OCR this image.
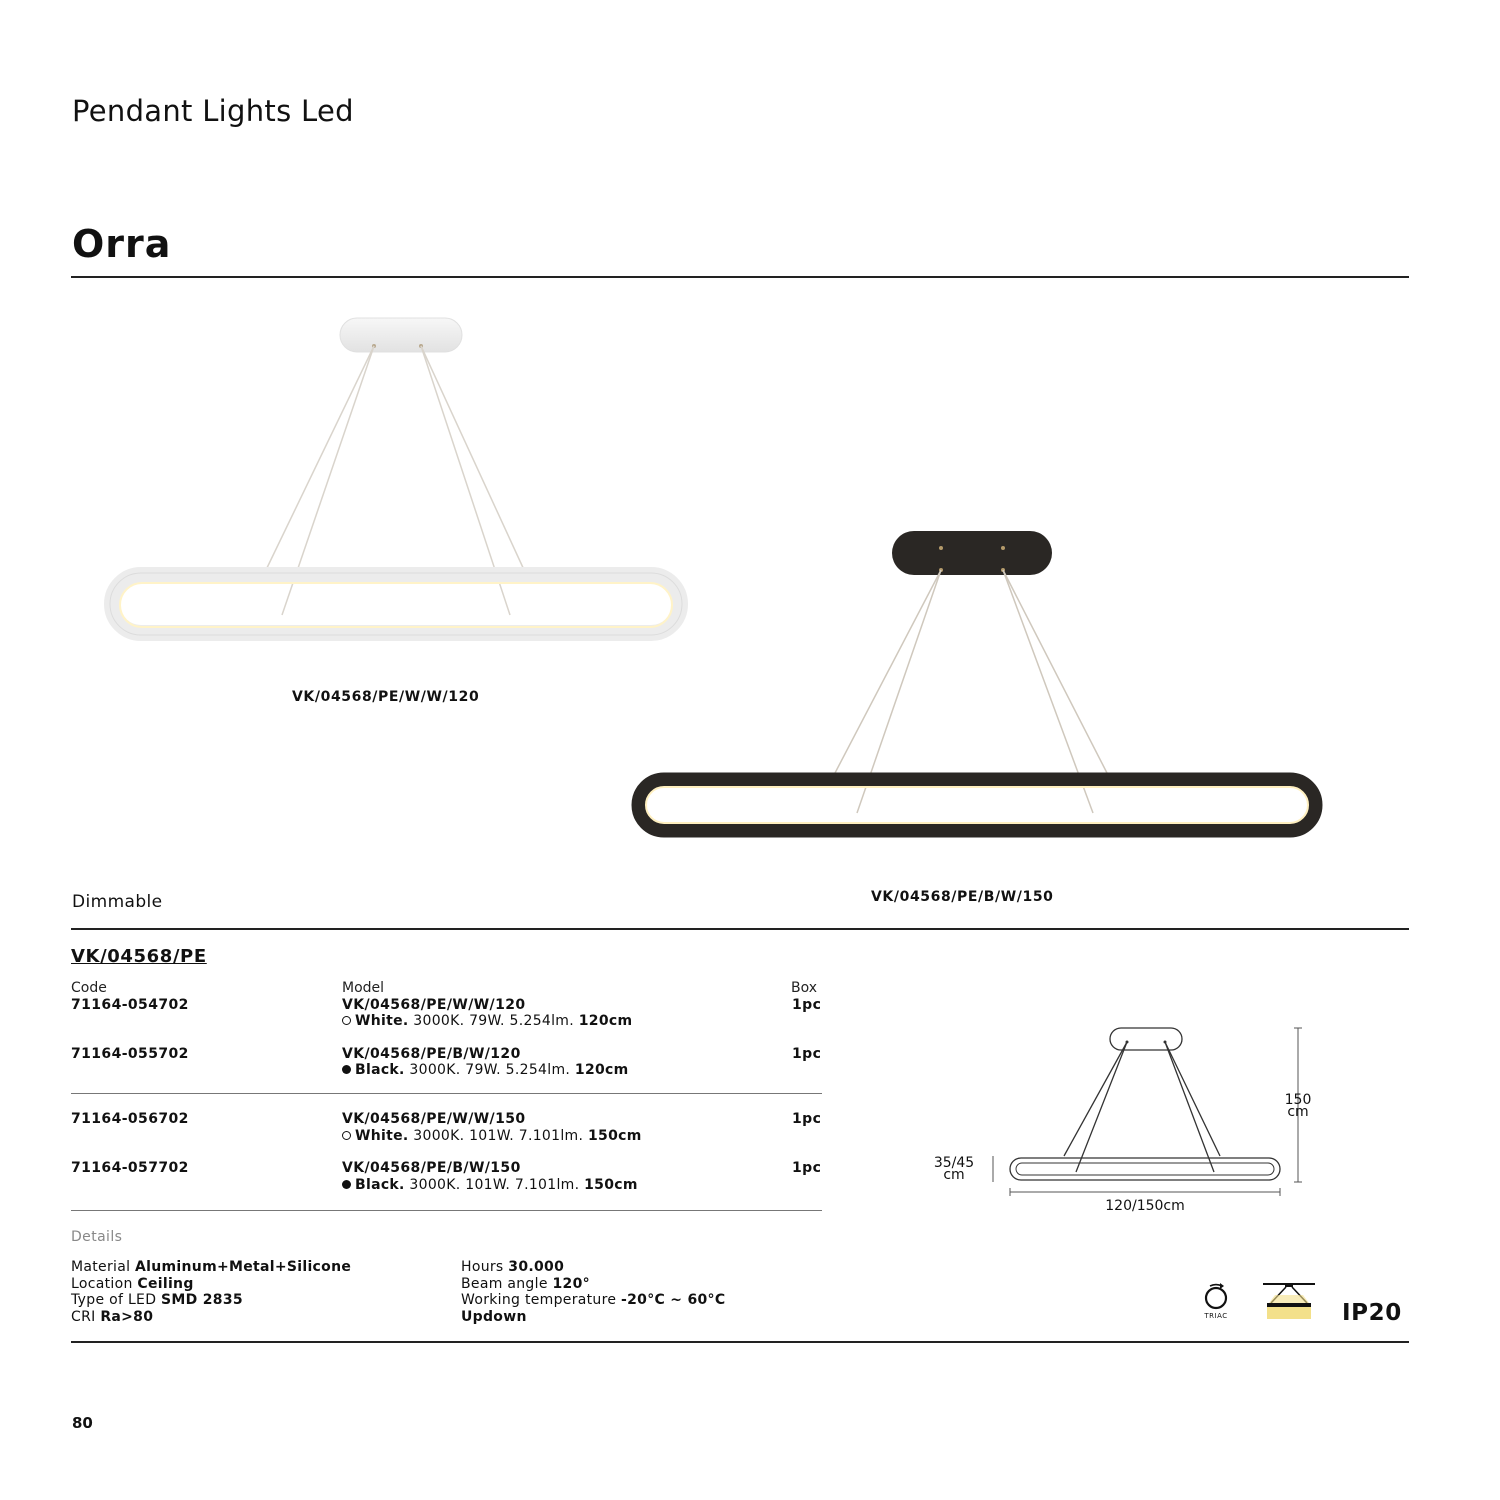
Pendant Lights Led
Orra
VK/04568/PE/W/W/120
VK/04568/PE/B/W/150
Dimmable
VK/04568/PE
Code	Model	Box
71164-054702	VK/04568/PE/W/W/120	1pc
White. 3000K. 79W. 5.254lm. 120cm
71164-055702	VK/04568/PE/B/W/120	1pc
Black. 3000K. 79W. 5.254lm. 120cm
71164-056702	VK/04568/PE/W/W/150	1pc
White. 3000K. 101W. 7.101lm. 150cm
71164-057702	VK/04568/PE/B/W/150	1pc
Black. 3000K. 101W. 7.101lm. 150cm
150
cm
35/45
cm
120/150cm
Details
Material Aluminum+Metal+Silicone
Location Ceiling
Type of LED SMD 2835
CRI Ra>80
Hours 30.000
Beam angle 120°
Working temperature -20°C ~ 60°C
Updown	TRIAC	IP20
80
